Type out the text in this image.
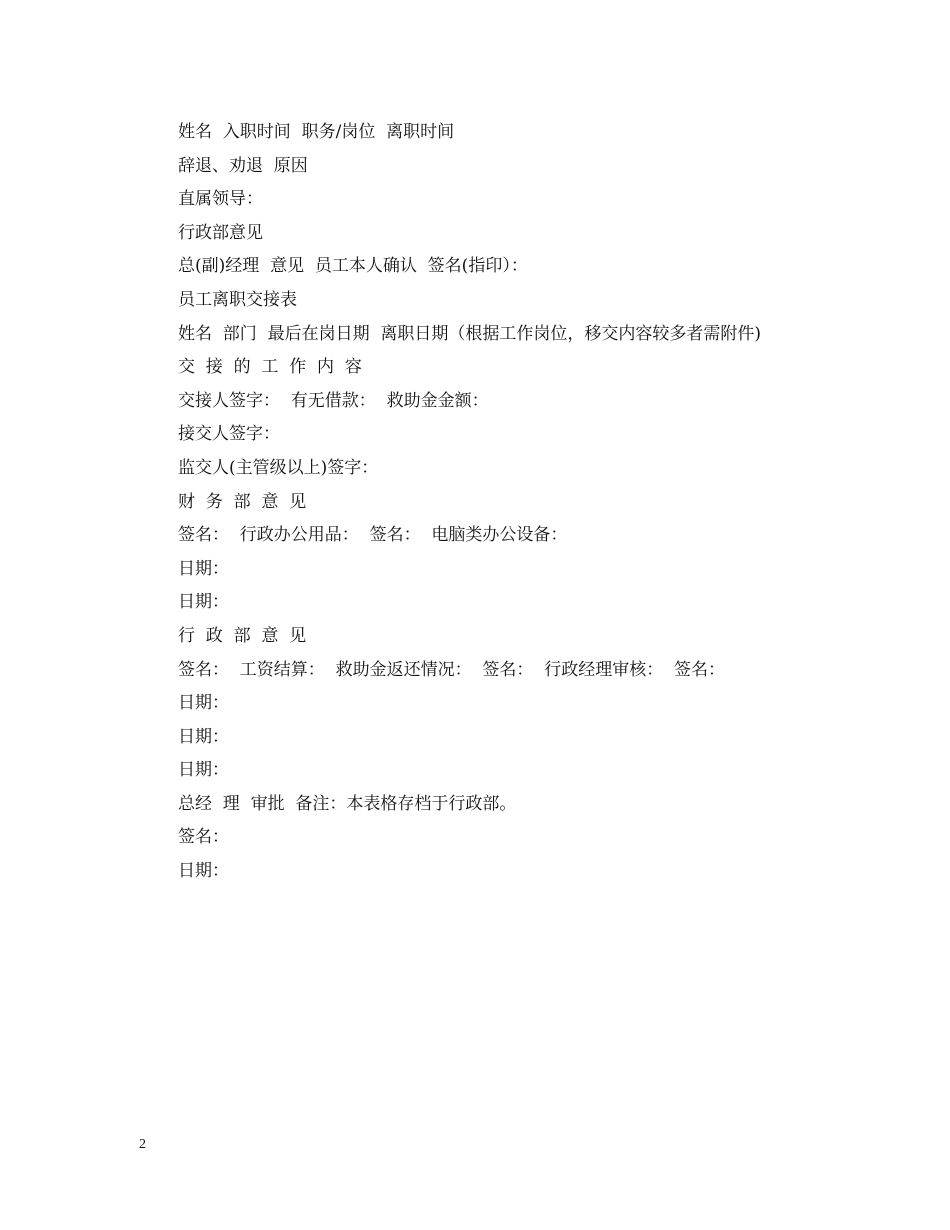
姓名  入职时间  职务/岗位  离职时间

辞退、劝退  原因

直属领导：

行政部意见

总(副)经理  意见  员工本人确认  签名(指印）：

员工离职交接表

姓名  部门  最后在岗日期  离职日期（根据工作岗位，移交内容较多者需附件)

交  接  的  工  作  内  容

交接人签字：  有无借款：  救助金金额：

接交人签字：

监交人(主管级以上)签字：

财  务  部  意  见

签名：  行政办公用品：  签名：  电脑类办公设备：

日期：

日期：

行  政  部  意  见

签名：  工资结算：  救助金返还情况：  签名：  行政经理审核：  签名：

日期：

日期：

日期：

总经  理  审批  备注：本表格存档于行政部。

签名：

日期：

2
